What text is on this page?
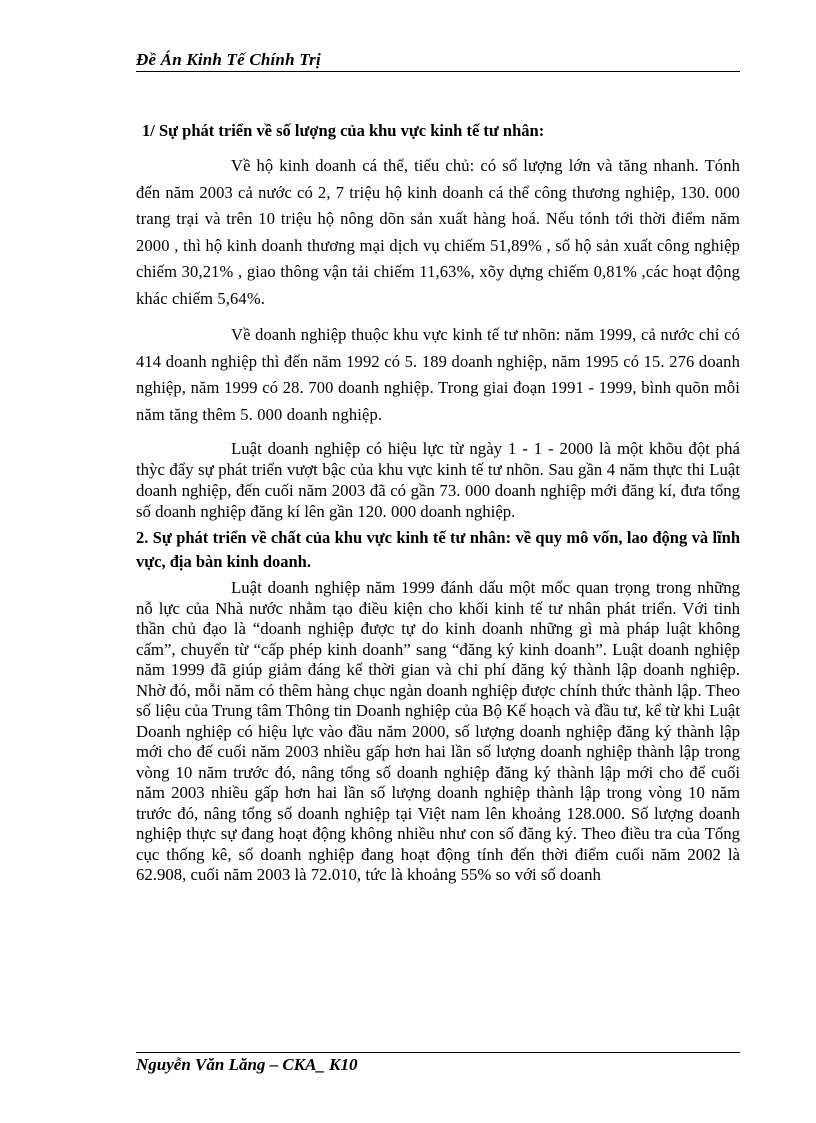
Đề Án Kinh Tế Chính Trị

1/ Sự phát triển về số lượng của khu vực kinh tế tư nhân:

Về hộ kinh doanh cá thể, tiểu chủ: có số lượng lớn và tăng nhanh. Tónh đến năm 2003 cả nước có 2, 7 triệu hộ kinh doanh cá thể công thương nghiệp, 130. 000 trang trại và trên 10 triệu hộ nông dõn sản xuất hàng hoá. Nếu tónh tới thời điểm năm 2000 , thì hộ kinh doanh thương mại dịch vụ chiếm 51,89% , số hộ sản xuất công nghiệp chiếm 30,21% , giao thông vận tải chiếm 11,63%, xõy dựng chiếm 0,81% ,các hoạt động khác chiếm 5,64%.

Về doanh nghiệp thuộc khu vực kinh tế tư nhõn: năm 1999, cả nước chỉ có 414 doanh nghiệp thì đến năm 1992 có 5. 189 doanh nghiệp, năm 1995 có 15. 276 doanh nghiệp, năm 1999 có 28. 700 doanh nghiệp. Trong giai đoạn 1991 - 1999, bình quõn mỗi năm tăng thêm 5. 000 doanh nghiệp.

Luật doanh nghiệp có hiệu lực từ ngày 1 - 1 - 2000 là một khõu đột phá thỳc đẩy sự phát triển vượt bậc của khu vực kinh tế tư nhõn. Sau gần 4 năm thực thi Luật doanh nghiệp, đến cuối năm 2003 đã có gần 73. 000 doanh nghiệp mới đăng kí, đưa tổng số doanh nghiệp đăng kí lên gần 120. 000 doanh nghiệp.

2. Sự phát triển về chất của khu vực kinh tế tư nhân: về quy mô vốn, lao động và lĩnh vực, địa bàn kinh doanh.

Luật doanh nghiệp năm 1999 đánh dấu một mốc quan trọng trong những nỗ lực của Nhà nước nhằm tạo điều kiện cho khối kinh tế tư nhân phát triển. Với tinh thần chủ đạo là “doanh nghiệp được tự do kinh doanh những gì mà pháp luật không cấm”, chuyển từ “cấp phép kinh doanh” sang “đăng ký kinh doanh”. Luật doanh nghiệp năm 1999 đã giúp giảm đáng kể thời gian và chi phí đăng ký thành lập doanh nghiệp. Nhờ đó, mỗi năm có thêm hàng chục ngàn doanh nghiệp được chính thức thành lập. Theo số liệu của Trung tâm Thông tin Doanh nghiệp của Bộ Kế hoạch và đầu tư, kể từ khi Luật Doanh nghiệp có hiệu lực vào đầu năm 2000, số lượng doanh nghiệp đăng ký thành lập mới cho đế cuối năm 2003 nhiều gấp hơn hai lần số lượng doanh nghiệp thành lập trong vòng 10 năm trước đó, nâng tổng số doanh nghiệp đăng ký thành lập mới cho để cuối năm 2003 nhiều gấp hơn hai lần số lượng doanh nghiệp thành lập trong vòng 10 năm trước đó, nâng tổng số doanh nghiệp tại Việt nam lên khoảng 128.000. Số lượng doanh nghiệp thực sự đang hoạt động không nhiều như con số đăng ký. Theo điều tra của Tổng cục thống kê, số doanh nghiệp đang hoạt động tính đến thời điểm cuối năm 2002 là 62.908, cuối năm 2003 là 72.010, tức là khoảng 55% so với số doanh

Nguyễn Văn Lăng – CKA_ K10
